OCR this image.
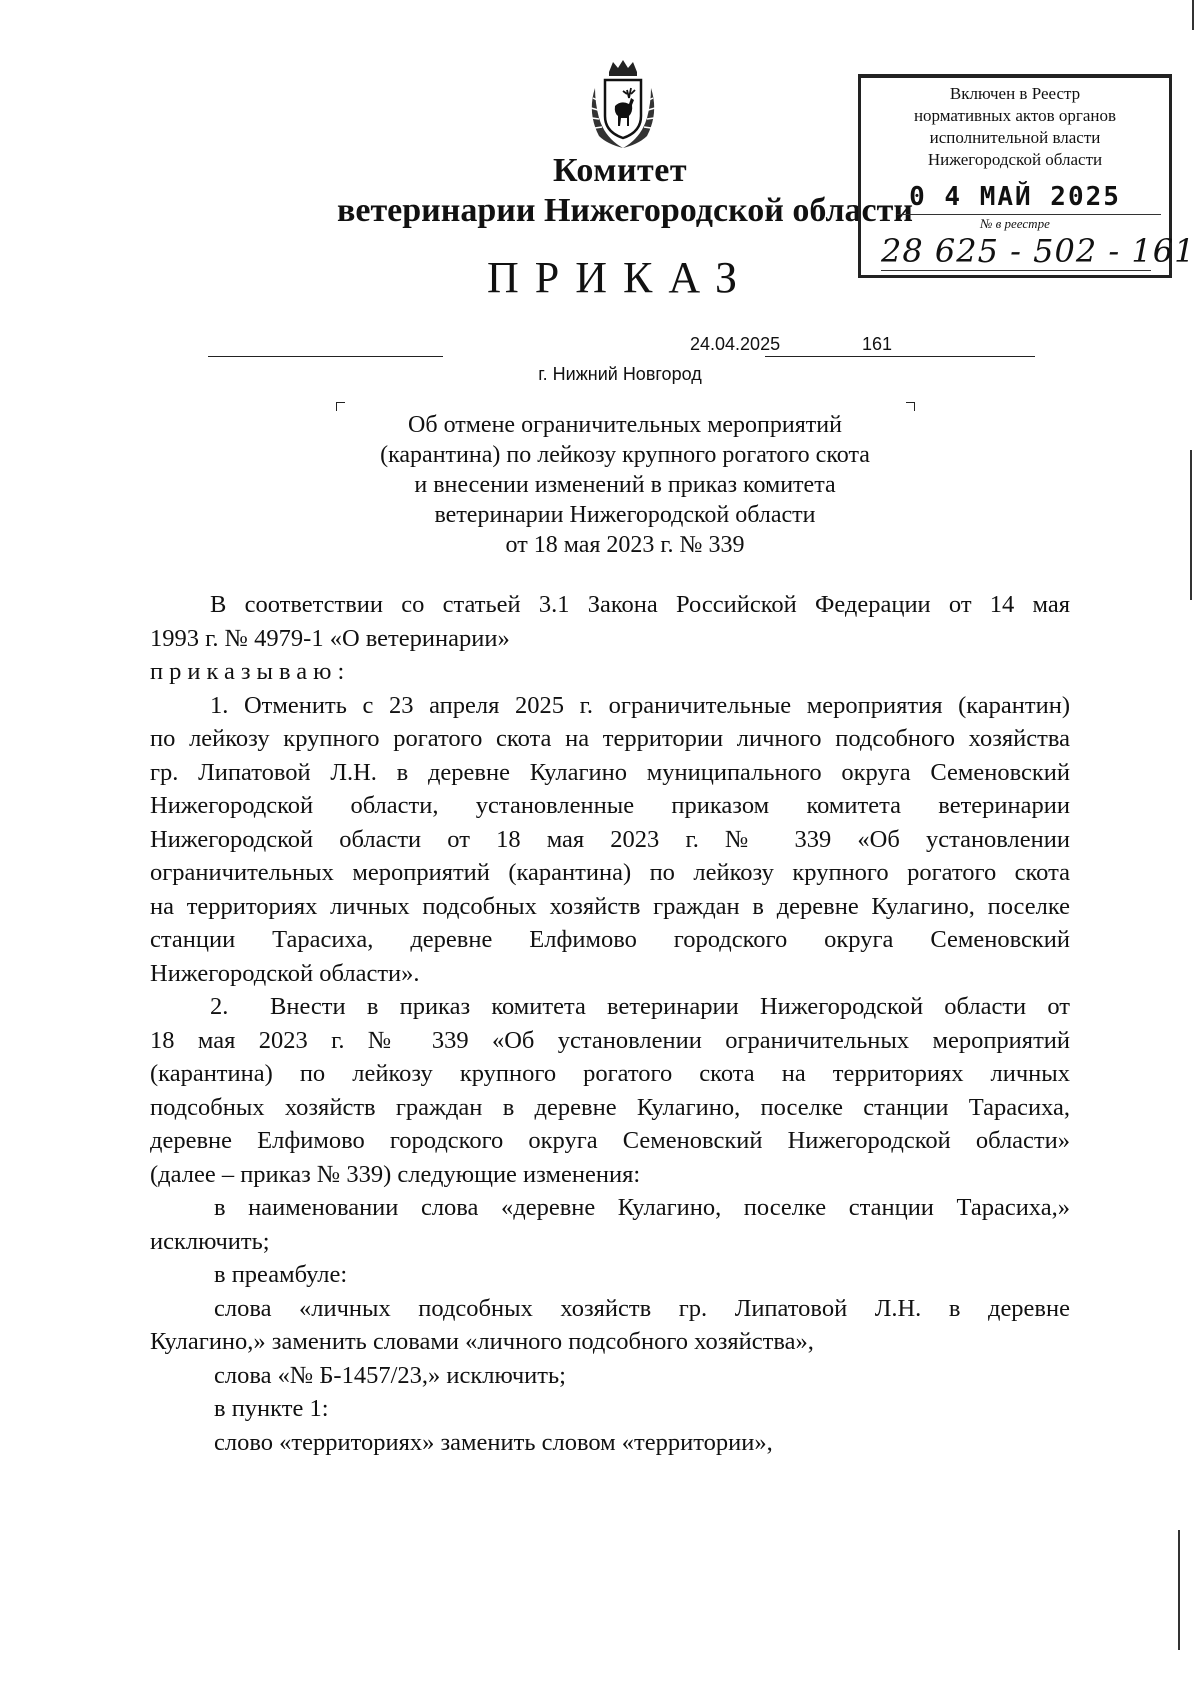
Комитет
ветеринарии Нижегородской области
ПРИКАЗ
Включен в Реестр
нормативных актов органов
исполнительной власти
Нижегородской области
0 4 МАЙ 2025
№ в реестре
28 625 - 502 - 161
24.04.2025	161
г. Нижний Новгород
Об отмене ограничительных мероприятий
(карантина) по лейкозу крупного рогатого скота
и внесении изменений в приказ комитета
ветеринарии Нижегородской области
от 18 мая 2023 г. № 339
В соответствии со статьей 3.1 Закона Российской Федерации от 14 мая
1993 г. № 4979-1 «О ветеринарии»
приказываю:
1. Отменить с 23 апреля 2025 г. ограничительные мероприятия (карантин)
по лейкозу крупного рогатого скота на территории личного подсобного хозяйства
гр. Липатовой Л.Н. в деревне Кулагино муниципального округа Семеновский
Нижегородской области, установленные приказом комитета ветеринарии
Нижегородской области от 18 мая 2023 г. № 339 «Об установлении
ограничительных мероприятий (карантина) по лейкозу крупного рогатого скота
на территориях личных подсобных хозяйств граждан в деревне Кулагино, поселке
станции Тарасиха, деревне Елфимово городского округа Семеновский
Нижегородской области».
2.	Внести в приказ комитета ветеринарии Нижегородской области от
18 мая 2023 г. № 339 «Об установлении ограничительных мероприятий
(карантина) по лейкозу крупного рогатого скота на территориях личных
подсобных хозяйств граждан в деревне Кулагино, поселке станции Тарасиха,
деревне Елфимово городского округа Семеновский Нижегородской области»
(далее – приказ № 339) следующие изменения:
в наименовании слова «деревне Кулагино, поселке станции Тарасиха,»
исключить;
в преамбуле:
слова «личных подсобных хозяйств гр. Липатовой Л.Н. в деревне
Кулагино,» заменить словами «личного подсобного хозяйства»,
слова «№ Б-1457/23,» исключить;
в пункте 1:
слово «территориях» заменить словом «территории»,
